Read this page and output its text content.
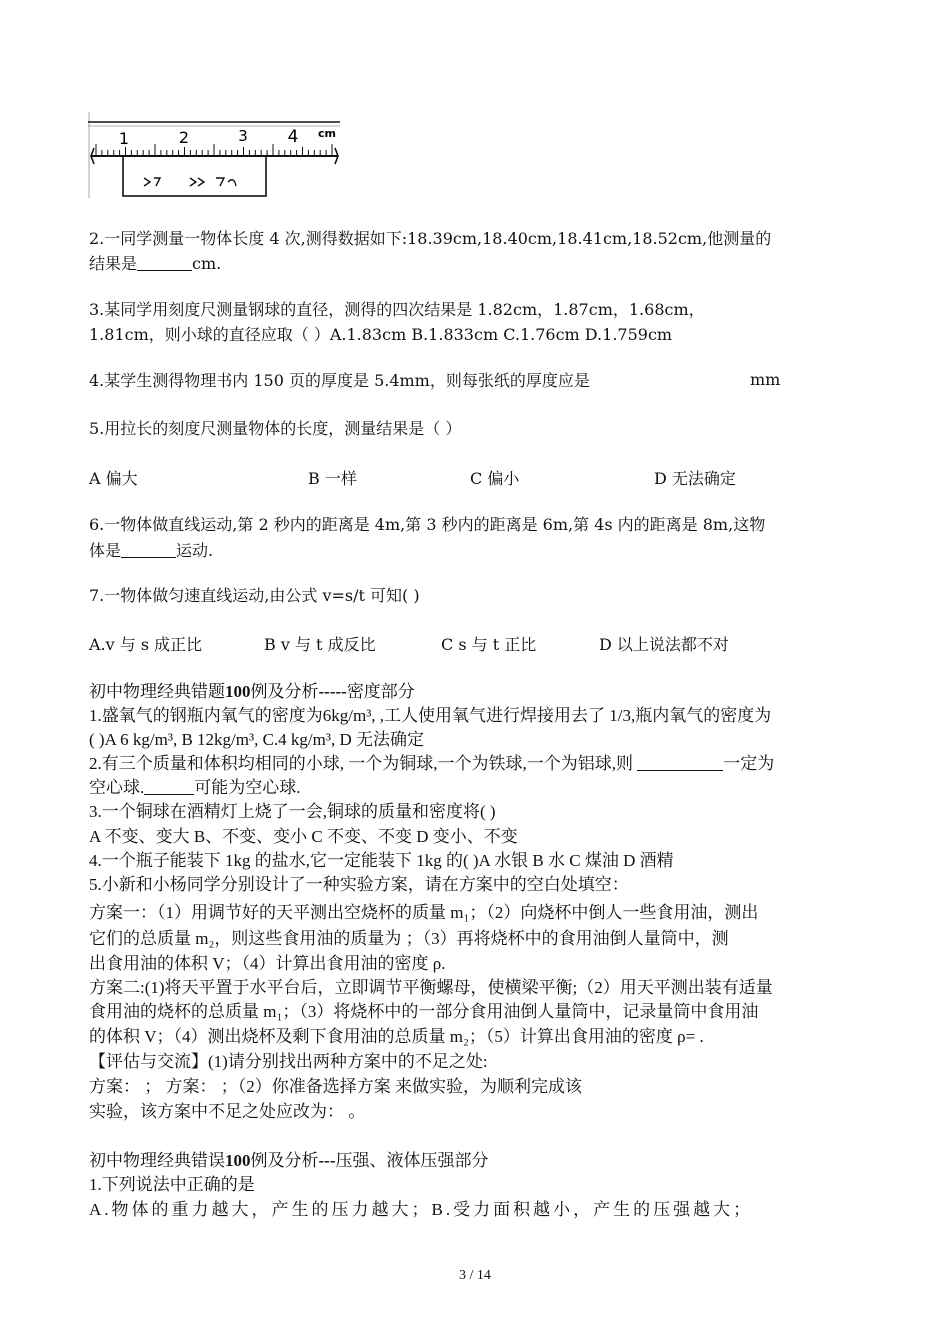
1	2	3 4 cm
2.一同学测量一物体长度 4 次,测得数据如下:18.39cm,18.40cm,18.41cm,18.52cm,他测量的
结果是	cm.
3.某同学用刻度尺测量钢球的直径，测得的四次结果是 1.82cm，1.87cm，1.68cm，
1.81cm，则小球的直径应取（ ）A.1.83cm B.1.833cm C.1.76cm D.1.759cm
4.某学生测得物理书内 150 页的厚度是 5.4mm，则每张纸的厚度应是	mm
5.用拉长的刻度尺测量物体的长度，测量结果是（ ）
A 偏大	B 一样	C 偏小	D 无法确定
6.一物体做直线运动,第 2 秒内的距离是 4m,第 3 秒内的距离是 6m,第 4s 内的距离是 8m,这物
体是	运动.
7.一物体做匀速直线运动,由公式 v=s/t 可知( )
A.v 与 s 成正比	B v 与 t 成反比	C s 与 t 正比	D 以上说法都不对
初中物理经典错题100例及分析-----密度部分
1.盛氧气的钢瓶内氧气的密度为6kg/m³, ,工人使用氧气进行焊接用去了 1/3,瓶内氧气的密度为
( )A 6 kg/m³, B 12kg/m³, C.4 kg/m³, D 无法确定
2.有三个质量和体积均相同的小球, 一个为铜球,一个为铁球,一个为铝球,则	一定为
空心球.	可能为空心球.
3.一个铜球在酒精灯上烧了一会,铜球的质量和密度将( )
A 不变、变大 B、不变、变小 C 不变、不变 D 变小、不变
4.一个瓶子能装下 1kg 的盐水,它一定能装下 1kg 的( )A 水银 B 水 C 煤油 D 酒精
5.小新和小杨同学分别设计了一种实验方案，请在方案中的空白处填空：
方案一：（1）用调节好的天平测出空烧杯的质量 m₁；（2）向烧杯中倒人一些食用油，测出
它们的总质量 m₂，则这些食用油的质量为 ；（3）再将烧杯中的食用油倒人量筒中，测
出食用油的体积 V；（4）计算出食用油的密度 ρ.
方案二:(1)将天平置于水平台后，立即调节平衡螺母，使横梁平衡;（2）用天平测出装有适量
食用油的烧杯的总质量 m₁；（3）将烧杯中的一部分食用油倒人量筒中，记录量筒中食用油
的体积 V；（4）测出烧杯及剩下食用油的总质量 m₂；（5）计算出食用油的密度 ρ= .
【评估与交流】(1)请分别找出两种方案中的不足之处:
方案： ； 方案： ；（2）你准备选择方案 来做实验，为顺利完成该
实验，该方案中不足之处应改为： 。
初中物理经典错误100例及分析---压强、液体压强部分
1.下列说法中正确的是
A.物体的重力越大，产生的压力越大；B.受力面积越小，产生的压强越大；
3 / 14
